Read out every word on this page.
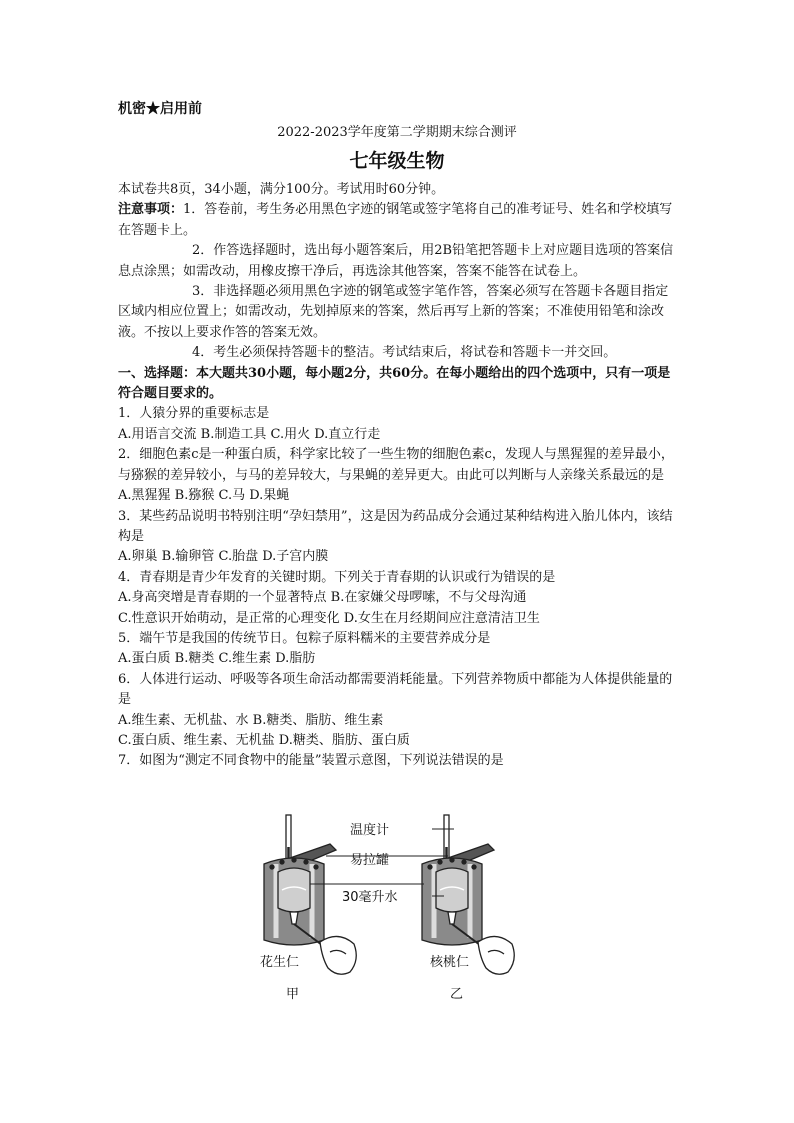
机密★启用前
2022-2023学年度第二学期期末综合测评
七年级生物

本试卷共8页，34小题，满分100分。考试用时60分钟。

注意事项：1．答卷前，考生务必用黑色字迹的钢笔或签字笔将自己的准考证号、姓名和学校填写在答题卡上。

2．作答选择题时，选出每小题答案后，用2B铅笔把答题卡上对应题目选项的答案信息点涂黑；如需改动，用橡皮擦干净后，再选涂其他答案，答案不能答在试卷上。

3．非选择题必须用黑色字迹的钢笔或签字笔作答，答案必须写在答题卡各题目指定区域内相应位置上；如需改动，先划掉原来的答案，然后再写上新的答案；不准使用铅笔和涂改液。不按以上要求作答的答案无效。

4．考生必须保持答题卡的整洁。考试结束后，将试卷和答题卡一并交回。

一、选择题：本大题共30小题，每小题2分，共60分。在每小题给出的四个选项中，只有一项是符合题目要求的。

1．人猿分界的重要标志是

A.用语言交流 B.制造工具 C.用火 D.直立行走

2．细胞色素c是一种蛋白质，科学家比较了一些生物的细胞色素c，发现人与黑猩猩的差异最小，与猕猴的差异较小，与马的差异较大，与果蝇的差异更大。由此可以判断与人亲缘关系最远的是

A.黑猩猩 B.猕猴 C.马 D.果蝇

3．某些药品说明书特别注明“孕妇禁用”，这是因为药品成分会通过某种结构进入胎儿体内，该结构是

A.卵巢 B.输卵管 C.胎盘 D.子宫内膜

4．青春期是青少年发育的关键时期。下列关于青春期的认识或行为错误的是

A.身高突增是青春期的一个显著特点 B.在家嫌父母啰嗦，不与父母沟通

C.性意识开始萌动，是正常的心理变化 D.女生在月经期间应注意清洁卫生

5．端午节是我国的传统节日。包粽子原料糯米的主要营养成分是

A.蛋白质 B.糖类 C.维生素 D.脂肪

6．人体进行运动、呼吸等各项生命活动都需要消耗能量。下列营养物质中都能为人体提供能量的是

A.维生素、无机盐、水 B.糖类、脂肪、维生素

C.蛋白质、维生素、无机盐 D.糖类、脂肪、蛋白质

7．如图为“测定不同食物中的能量”装置示意图，下列说法错误的是

温度计
易拉罐
30毫升水
花生仁	核桃仁
甲	乙
